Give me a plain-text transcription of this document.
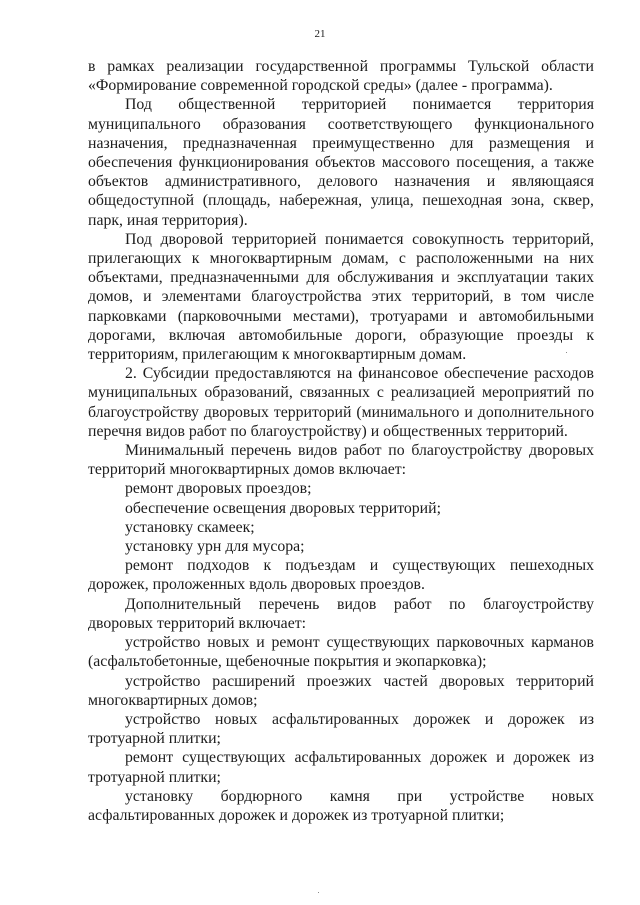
21

в рамках реализации государственной программы Тульской области «Формирование современной городской среды» (далее - программа).

Под общественной территорией понимается территория муниципального образования соответствующего функционального назначения, предназначенная преимущественно для размещения и обеспечения функционирования объектов массового посещения, а также объектов административного, делового назначения и являющаяся общедоступной (площадь, набережная, улица, пешеходная зона, сквер, парк, иная территория).

Под дворовой территорией понимается совокупность территорий, прилегающих к многоквартирным домам, с расположенными на них объектами, предназначенными для обслуживания и эксплуатации таких домов, и элементами благоустройства этих территорий, в том числе парковками (парковочными местами), тротуарами и автомобильными дорогами, включая автомобильные дороги, образующие проезды к территориям, прилегающим к многоквартирным домам.

2. Субсидии предоставляются на финансовое обеспечение расходов муниципальных образований, связанных с реализацией мероприятий по благоустройству дворовых территорий (минимального и дополнительного перечня видов работ по благоустройству) и общественных территорий.

Минимальный перечень видов работ по благоустройству дворовых территорий многоквартирных домов включает:

ремонт дворовых проездов;

обеспечение освещения дворовых территорий;

установку скамеек;

установку урн для мусора;

ремонт подходов к подъездам и существующих пешеходных дорожек, проложенных вдоль дворовых проездов.

Дополнительный перечень видов работ по благоустройству дворовых территорий включает:

устройство новых и ремонт существующих парковочных карманов (асфальтобетонные, щебеночные покрытия и экопарковка);

устройство расширений проезжих частей дворовых территорий многоквартирных домов;

устройство новых асфальтированных дорожек и дорожек из тротуарной плитки;

ремонт существующих асфальтированных дорожек и дорожек из тротуарной плитки;

установку бордюрного камня при устройстве новых асфальтированных дорожек и дорожек из тротуарной плитки;
